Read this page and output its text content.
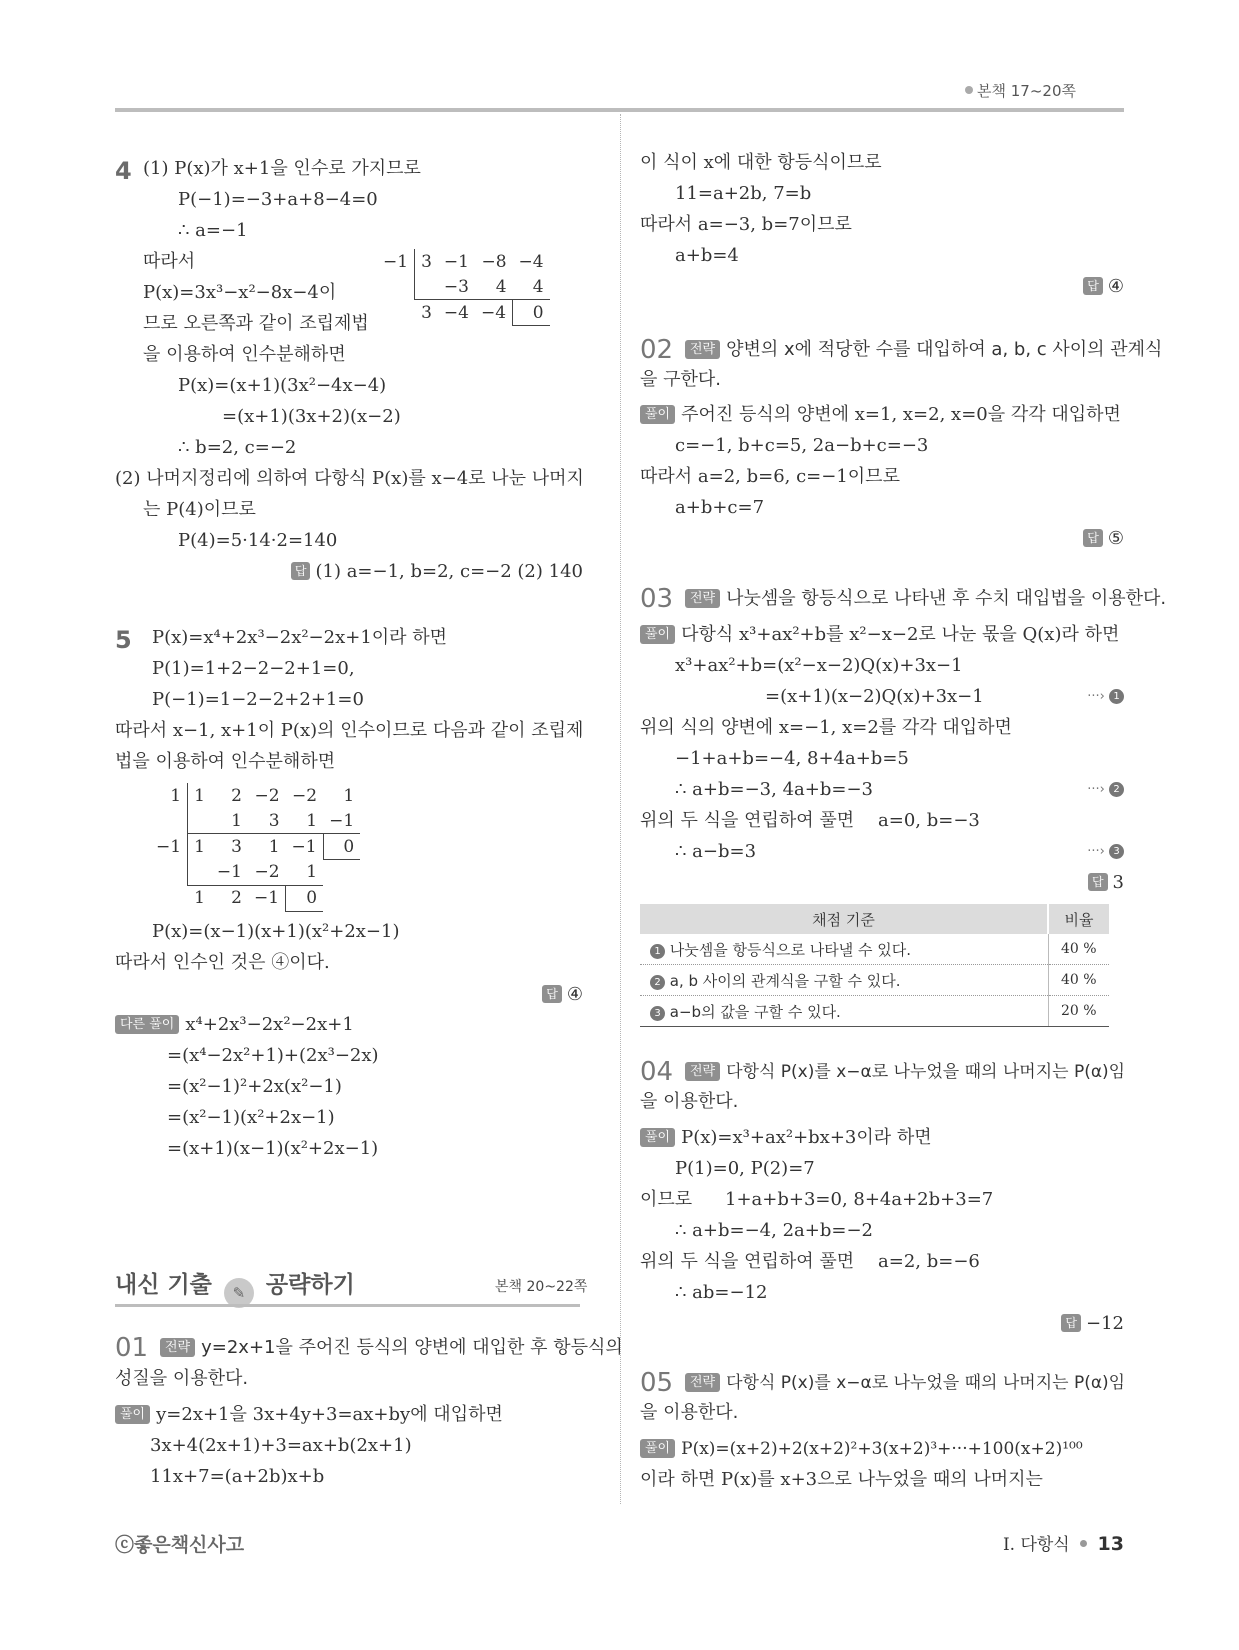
본책 17~20쪽
4 (1) P(x)가 x+1을 인수로 가지므로
P(−1)=−3+a+8−4=0
∴ a=−1
따라서
P(x)=3x³−x²−8x−4이
므로 오른쪽과 같이 조립제법
을 이용하여 인수분해하면
−1	3	−1	−8	−4
		−3	4	4
	3	−4	−4	0
P(x)=(x+1)(3x²−4x−4)
=(x+1)(3x+2)(x−2)
∴ b=2, c=−2
(2) 나머지정리에 의하여 다항식 P(x)를 x−4로 나눈 나머지
는 P(4)이므로
P(4)=5·14·2=140
답 (1) a=−1, b=2, c=−2 (2) 140
5 P(x)=x⁴+2x³−2x²−2x+1이라 하면
P(1)=1+2−2−2+1=0,
P(−1)=1−2−2+2+1=0
따라서 x−1, x+1이 P(x)의 인수이므로 다음과 같이 조립제
법을 이용하여 인수분해하면
1	1	2	−2	−2	1
		1	3	1	−1
−1	1	3	1	−1	0
		−1	−2	1	
	1	2	−1	0	
P(x)=(x−1)(x+1)(x²+2x−1)
따라서 인수인 것은 ④이다.
답 ④
다른 풀이 x⁴+2x³−2x²−2x+1
=(x⁴−2x²+1)+(2x³−2x)
=(x²−1)²+2x(x²−1)
=(x²−1)(x²+2x−1)
=(x+1)(x−1)(x²+2x−1)
내신 기출 ✎ 공략하기	본책 20~22쪽
01	전략 y=2x+1을 주어진 등식의 양변에 대입한 후 항등식의
성질을 이용한다.
풀이 y=2x+1을 3x+4y+3=ax+by에 대입하면
3x+4(2x+1)+3=ax+b(2x+1)
11x+7=(a+2b)x+b
이 식이 x에 대한 항등식이므로
11=a+2b, 7=b
따라서 a=−3, b=7이므로
a+b=4
답 ④
02	전략 양변의 x에 적당한 수를 대입하여 a, b, c 사이의 관계식
을 구한다.
풀이 주어진 등식의 양변에 x=1, x=2, x=0을 각각 대입하면
c=−1, b+c=5, 2a−b+c=−3
따라서 a=2, b=6, c=−1이므로
a+b+c=7
답 ⑤
03	전략 나눗셈을 항등식으로 나타낸 후 수치 대입법을 이용한다.
풀이 다항식 x³+ax²+b를 x²−x−2로 나눈 몫을 Q(x)라 하면
x³+ax²+b=(x²−x−2)Q(x)+3x−1
=(x+1)(x−2)Q(x)+3x−1	···› 1
위의 식의 양변에 x=−1, x=2를 각각 대입하면
−1+a+b=−4, 8+4a+b=5
∴ a+b=−3, 4a+b=−3	···› 2
위의 두 식을 연립하여 풀면 a=0, b=−3
∴ a−b=3	···› 3
답 3
채점 기준	비율
1 나눗셈을 항등식으로 나타낼 수 있다.	40 %
2 a, b 사이의 관계식을 구할 수 있다.	40 %
3 a−b의 값을 구할 수 있다.	20 %
04	전략 다항식 P(x)를 x−α로 나누었을 때의 나머지는 P(α)임
을 이용한다.
풀이 P(x)=x³+ax²+bx+3이라 하면
P(1)=0, P(2)=7
이므로 1+a+b+3=0, 8+4a+2b+3=7
∴ a+b=−4, 2a+b=−2
위의 두 식을 연립하여 풀면 a=2, b=−6
∴ ab=−12
답 −12
05	전략 다항식 P(x)를 x−α로 나누었을 때의 나머지는 P(α)임
을 이용한다.
풀이 P(x)=(x+2)+2(x+2)²+3(x+2)³+···+100(x+2)¹⁰⁰
이라 하면 P(x)를 x+3으로 나누었을 때의 나머지는
ⓒ좋은책신사고	Ⅰ. 다항식 13
